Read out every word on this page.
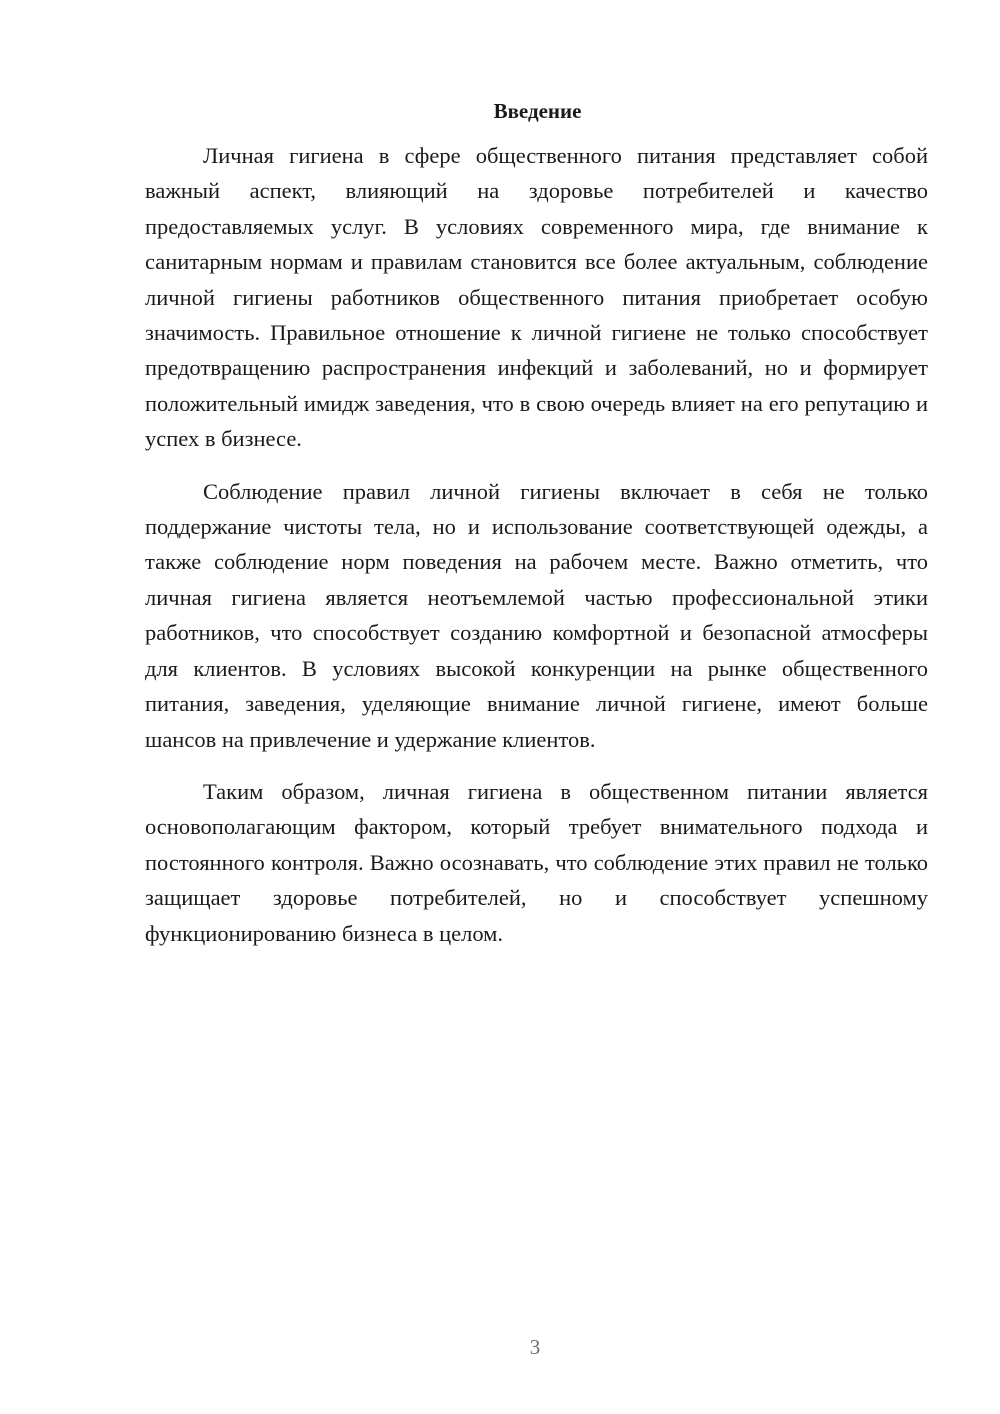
Введение

Личная гигиена в сфере общественного питания представляет собой важный аспект, влияющий на здоровье потребителей и качество предоставляемых услуг. В условиях современного мира, где внимание к санитарным нормам и правилам становится все более актуальным, соблюдение личной гигиены работников общественного питания приобретает особую значимость. Правильное отношение к личной гигиене не только способствует предотвращению распространения инфекций и заболеваний, но и формирует положительный имидж заведения, что в свою очередь влияет на его репутацию и успех в бизнесе.

Соблюдение правил личной гигиены включает в себя не только поддержание чистоты тела, но и использование соответствующей одежды, а также соблюдение норм поведения на рабочем месте. Важно отметить, что личная гигиена является неотъемлемой частью профессиональной этики работников, что способствует созданию комфортной и безопасной атмосферы для клиентов. В условиях высокой конкуренции на рынке общественного питания, заведения, уделяющие внимание личной гигиене, имеют больше шансов на привлечение и удержание клиентов.

Таким образом, личная гигиена в общественном питании является основополагающим фактором, который требует внимательного подхода и постоянного контроля. Важно осознавать, что соблюдение этих правил не только защищает здоровье потребителей, но и способствует успешному функционированию бизнеса в целом.

3
